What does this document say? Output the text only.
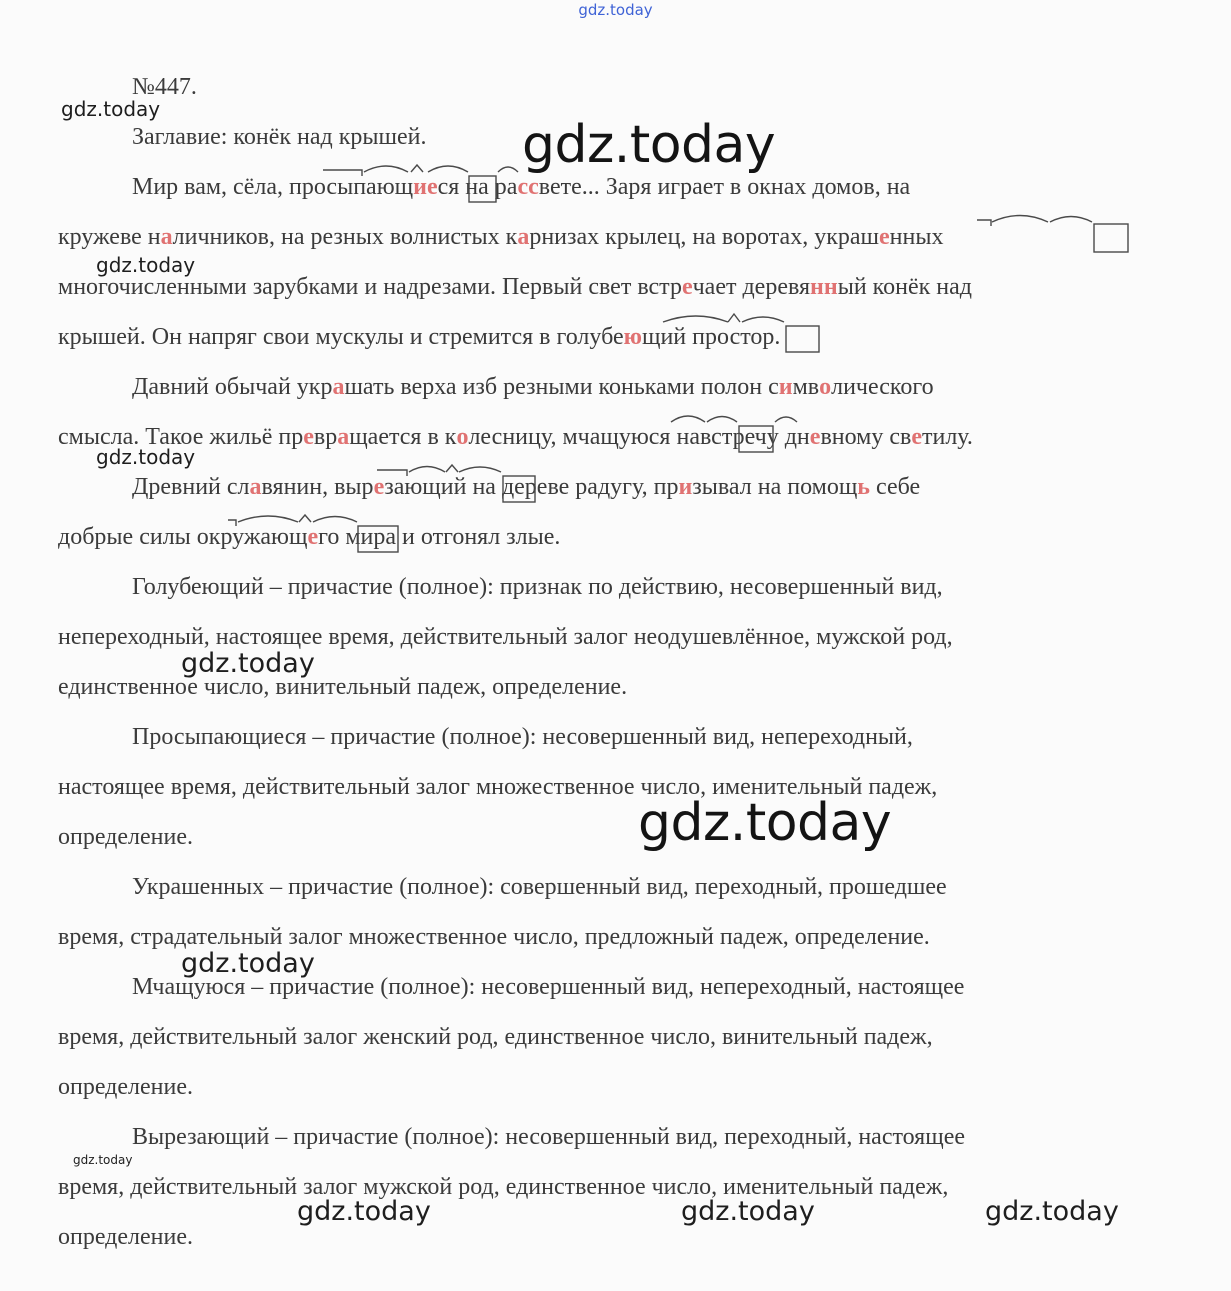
gdz.today
№447.
Заглавие: конёк над крышей.
Мир вам, сёла, просыпающиеся на рассвете... Заря играет в окнах домов, на
кружеве наличников, на резных волнистых карнизах крылец, на воротах, украшенных
многочисленными зарубками и надрезами. Первый свет встречает деревянный конёк над
крышей. Он напряг свои мускулы и стремится в голубеющий простор.
Давний обычай украшать верха изб резными коньками полон символического
смысла. Такое жильё превращается в колесницу, мчащуюся навстречу дневному светилу.
Древний славянин, вырезающий на дереве радугу, призывал на помощь себе
добрые силы окружающего мира и отгонял злые.
Голубеющий – причастие (полное): признак по действию, несовершенный вид,
непереходный, настоящее время, действительный залог неодушевлённое, мужской род,
единственное число, винительный падеж, определение.
Просыпающиеся – причастие (полное): несовершенный вид, непереходный,
настоящее время, действительный залог множественное число, именительный падеж,
определение.
Украшенных – причастие (полное): совершенный вид, переходный, прошедшее
время, страдательный залог множественное число, предложный падеж, определение.
Мчащуюся – причастие (полное): несовершенный вид, непереходный, настоящее
время, действительный залог женский род, единственное число, винительный падеж,
определение.
Вырезающий – причастие (полное): несовершенный вид, переходный, настоящее
время, действительный залог мужской род, единственное число, именительный падеж,
определение.
gdz.today
gdz.today
gdz.today
gdz.today
gdz.today
gdz.today
gdz.today
gdz.today
gdz.today	gdz.today	gdz.today
